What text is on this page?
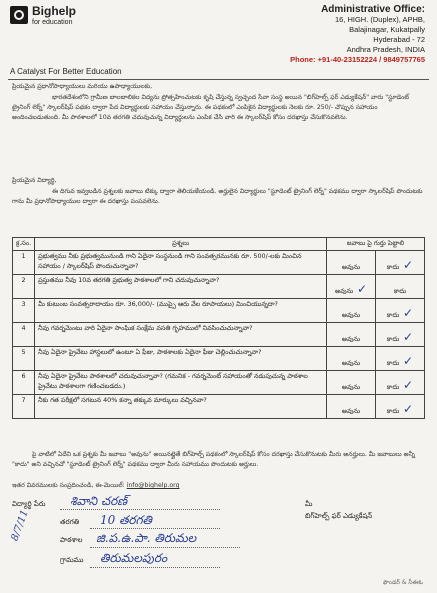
Bighelp
for education
A Catalyst For Better Education
Administrative Office:
16, HIGH. (Duplex), APHB,
Balajinagar, Kukatpally
Hyderabad - 72
Andhra Pradesh, INDIA
Phone: +91-40-23152224 / 9849757765
ప్రియమైన ప్రధానోపాధ్యాయులు మరియు ఉపాధ్యాయులకు,
భారతదేశంలోని గ్రామీణ బాలబాలికల విద్యను ప్రోత్సహించుటకు కృషి చేస్తున్న స్వచ్ఛంద సేవా సంస్థ అయిన "బిగ్‌హెల్ప్ ఫర్ ఎడ్యుకేషన్" వారు "స్టూడెంట్ ట్రైనింగ్ లెర్న్" స్కాలర్‌షిప్ పథకం ద్వారా పేద విద్యార్థులకు సహాయం చేస్తున్నారు. ఈ పథకంలో ఎంపికైన విద్యార్థులకు నెలకు రూ. 250/- చొప్పున సహాయం అందించబడుతుంది. మీ పాఠశాలలో 10వ తరగతి చదువుచున్న విద్యార్థులను ఎంపిక చేసి వారి ఈ స్కాలర్‌షిప్ కోసం దరఖాస్తు చేసుకొనవలెను.
ప్రియమైన విద్యార్థి,
ఈ దిగువ ఇవ్వబడిన ప్రశ్నలకు జవాబు టిక్కు ద్వారా తెలియజేయండి. అర్హులైన విద్యార్థులు "స్టూడెంట్ ట్రైనింగ్ లెర్న్" పథకము ద్వారా స్కాలర్‌షిప్ పొందుటకు గాను మీ ప్రధానోపాధ్యాయుల ద్వారా ఈ దరఖాస్తు పంపవలెను.
క్ర.సం.	ప్రశ్నలు	జవాబు పై గుర్తు పెట్టాలి	
1	ప్రభుత్వము నీకు ప్రభుత్వమునుండి గాని ఏదైనా సంస్థనుండి గాని సంవత్సరమునకు రూ. 500/-లకు మించిన సహాయం / స్కాలర్‌షిప్ పొందుచున్నావా?	అవును	కాదు ✓
2	ప్రస్తుతము నీవు 10వ తరగతి ప్రభుత్వ పాఠశాలలో గాని చదువుచున్నావా?	అవును ✓	కాదు
3	మీ కుటుంబ సంవత్సరాదాయం రూ. 36,000/- (ముప్పై ఆరు వేల రూపాయలు) మించియున్నదా?	అవును	కాదు ✓
4	నీవు గవర్నమెంటు వారి ఏదైనా సాంఘిక సంక్షేమ వసతి గృహములో నివసించుచున్నావా?	అవును	కాదు ✓
5	నీవు ఏదైనా ప్రైవేటు హాస్టలులో ఉంటూ ఏ ఫీజు, పాఠశాలకు ఏదైనా ఫీజు చెల్లించుచున్నావా?	అవును	కాదు ✓
6	నీవు ఏదైనా ప్రైవేటు పాఠశాలలో చదువుచున్నావా? (గమనిక - గవర్నమెంట్ సహాయంతో నడుపుచున్న పాఠశాల ప్రైవేటు పాఠశాలగా గణించబడదు.)	అవును	కాదు ✓
7	నీకు గత పరీక్షలో సగటున 40% కన్నా తక్కువ మార్కులు వచ్చినవా?	అవును	కాదు ✓
పై వాటిలో ఏదేని ఒక ప్రశ్నకు మీ జవాబు "అవును" అయినట్లైతే బిగ్‌హెల్ప్ పథకంలో స్కాలర్‌షిప్ కోసం దరఖాస్తు చేసుకొనుటకు మీరు అనర్హులు. మీ జవాబులు అన్నీ "కాదు" అని వచ్చినచో "స్టూడెంట్ ట్రైనింగ్ లెర్న్" పథకము ద్వారా మీరు సహాయము పొందుటకు అర్హులు.
ఇతర వివరములకు సంప్రదించండి, ఈ-మెయిల్: info@bighelp.org
విద్యార్థి పేరు శివాని చరణ్
తరగతి 10 తరగతి
పాఠశాల జి.ప.ఉ.పా. తిరుమల
గ్రామము తిరుమలపురం
8/7/11
మీ
బిగ్‌హెల్ప్ ఫర్ ఎడ్యుకేషన్
ఫౌండర్ & సీఈఓ
